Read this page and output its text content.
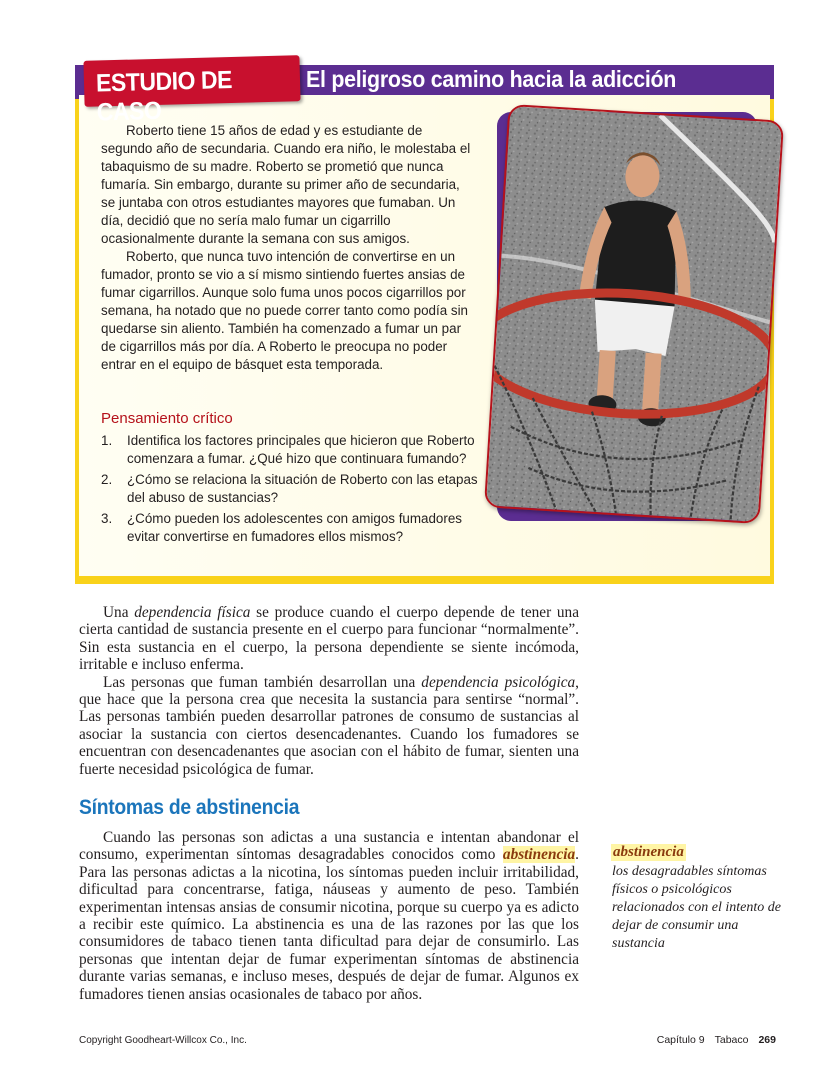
ESTUDIO DE CASO
El peligroso camino hacia la adicción

Roberto tiene 15 años de edad y es estudiante de segundo año de secundaria. Cuando era niño, le molestaba el tabaquismo de su madre. Roberto se prometió que nunca fumaría. Sin embargo, durante su primer año de secundaria, se juntaba con otros estudiantes mayores que fumaban. Un día, decidió que no sería malo fumar un cigarrillo ocasionalmente durante la semana con sus amigos.

Roberto, que nunca tuvo intención de convertirse en un fumador, pronto se vio a sí mismo sintiendo fuertes ansias de fumar cigarrillos. Aunque solo fuma unos pocos cigarrillos por semana, ha notado que no puede correr tanto como podía sin quedarse sin aliento. También ha comenzado a fumar un par de cigarrillos más por día. A Roberto le preocupa no poder entrar en el equipo de básquet esta temporada.

Pensamiento crítico
1. Identifica los factores principales que hicieron que Roberto comenzara a fumar. ¿Qué hizo que continuara fumando?
2. ¿Cómo se relaciona la situación de Roberto con las etapas del abuso de sustancias?
3. ¿Cómo pueden los adolescentes con amigos fumadores evitar convertirse en fumadores ellos mismos?

Una dependencia física se produce cuando el cuerpo depende de tener una cierta cantidad de sustancia presente en el cuerpo para funcionar “normalmente”. Sin esta sustancia en el cuerpo, la persona dependiente se siente incómoda, irritable e incluso enferma.

Las personas que fuman también desarrollan una dependencia psicológica, que hace que la persona crea que necesita la sustancia para sentirse “normal”. Las personas también pueden desarrollar patrones de consumo de sustancias al asociar la sustancia con ciertos desencadenantes. Cuando los fumadores se encuentran con desencadenantes que asocian con el hábito de fumar, sienten una fuerte necesidad psicológica de fumar.

Síntomas de abstinencia

Cuando las personas son adictas a una sustancia e intentan abandonar el consumo, experimentan síntomas desagradables conocidos como abstinencia. Para las personas adictas a la nicotina, los síntomas pueden incluir irritabilidad, dificultad para concentrarse, fatiga, náuseas y aumento de peso. También experimentan intensas ansias de consumir nicotina, porque su cuerpo ya es adicto a recibir este químico. La abstinencia es una de las razones por las que los consumidores de tabaco tienen tanta dificultad para dejar de consumirlo. Las personas que intentan dejar de fumar experimentan síntomas de abstinencia durante varias semanas, e incluso meses, después de dejar de fumar. Algunos ex fumadores tienen ansias ocasionales de tabaco por años.

abstinencia
los desagradables síntomas físicos o psicológicos relacionados con el intento de dejar de consumir una sustancia
Copyright Goodheart-Willcox Co., Inc.	Capítulo 9 Tabaco 269
